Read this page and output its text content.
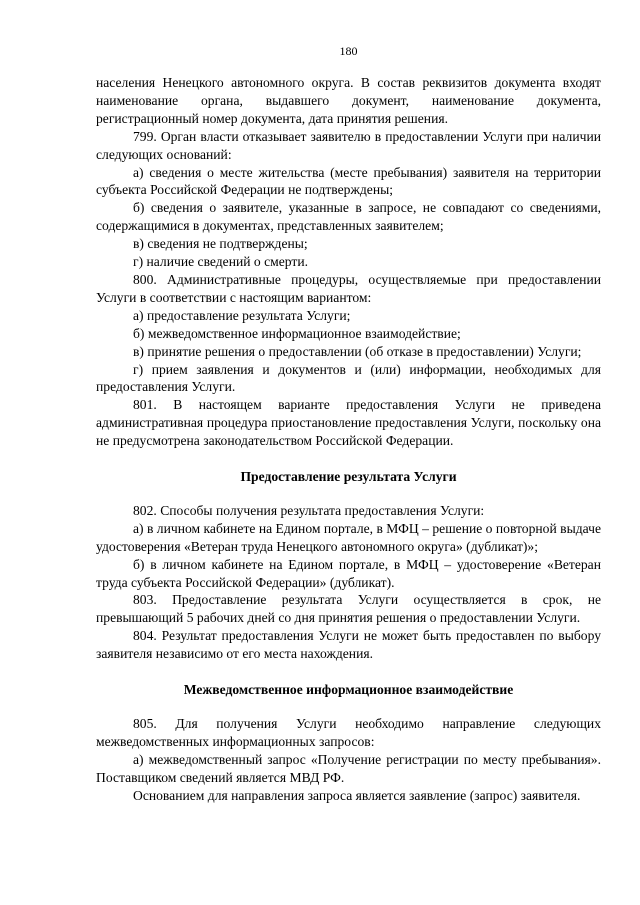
180

населения Ненецкого автономного округа. В состав реквизитов документа входят наименование органа, выдавшего документ, наименование документа, регистрационный номер документа, дата принятия решения.

799. Орган власти отказывает заявителю в предоставлении Услуги при наличии следующих оснований:

а) сведения о месте жительства (месте пребывания) заявителя на территории субъекта Российской Федерации не подтверждены;

б) сведения о заявителе, указанные в запросе, не совпадают со сведениями, содержащимися в документах, представленных заявителем;

в) сведения не подтверждены;

г) наличие сведений о смерти.

800. Административные процедуры, осуществляемые при предоставлении Услуги в соответствии с настоящим вариантом:

а) предоставление результата Услуги;

б) межведомственное информационное взаимодействие;

в) принятие решения о предоставлении (об отказе в предоставлении) Услуги;

г) прием заявления и документов и (или) информации, необходимых для предоставления Услуги.

801. В настоящем варианте предоставления Услуги не приведена административная процедура приостановление предоставления Услуги, поскольку она не предусмотрена законодательством Российской Федерации.

Предоставление результата Услуги

802. Способы получения результата предоставления Услуги:

а) в личном кабинете на Едином портале, в МФЦ – решение о повторной выдаче удостоверения «Ветеран труда Ненецкого автономного округа» (дубликат)»;

б) в личном кабинете на Едином портале, в МФЦ – удостоверение «Ветеран труда субъекта Российской Федерации» (дубликат).

803. Предоставление результата Услуги осуществляется в срок, не превышающий 5 рабочих дней со дня принятия решения о предоставлении Услуги.

804. Результат предоставления Услуги не может быть предоставлен по выбору заявителя независимо от его места нахождения.

Межведомственное информационное взаимодействие

805. Для получения Услуги необходимо направление следующих межведомственных информационных запросов:

а) межведомственный запрос «Получение регистрации по месту пребывания». Поставщиком сведений является МВД РФ.

Основанием для направления запроса является заявление (запрос) заявителя.
